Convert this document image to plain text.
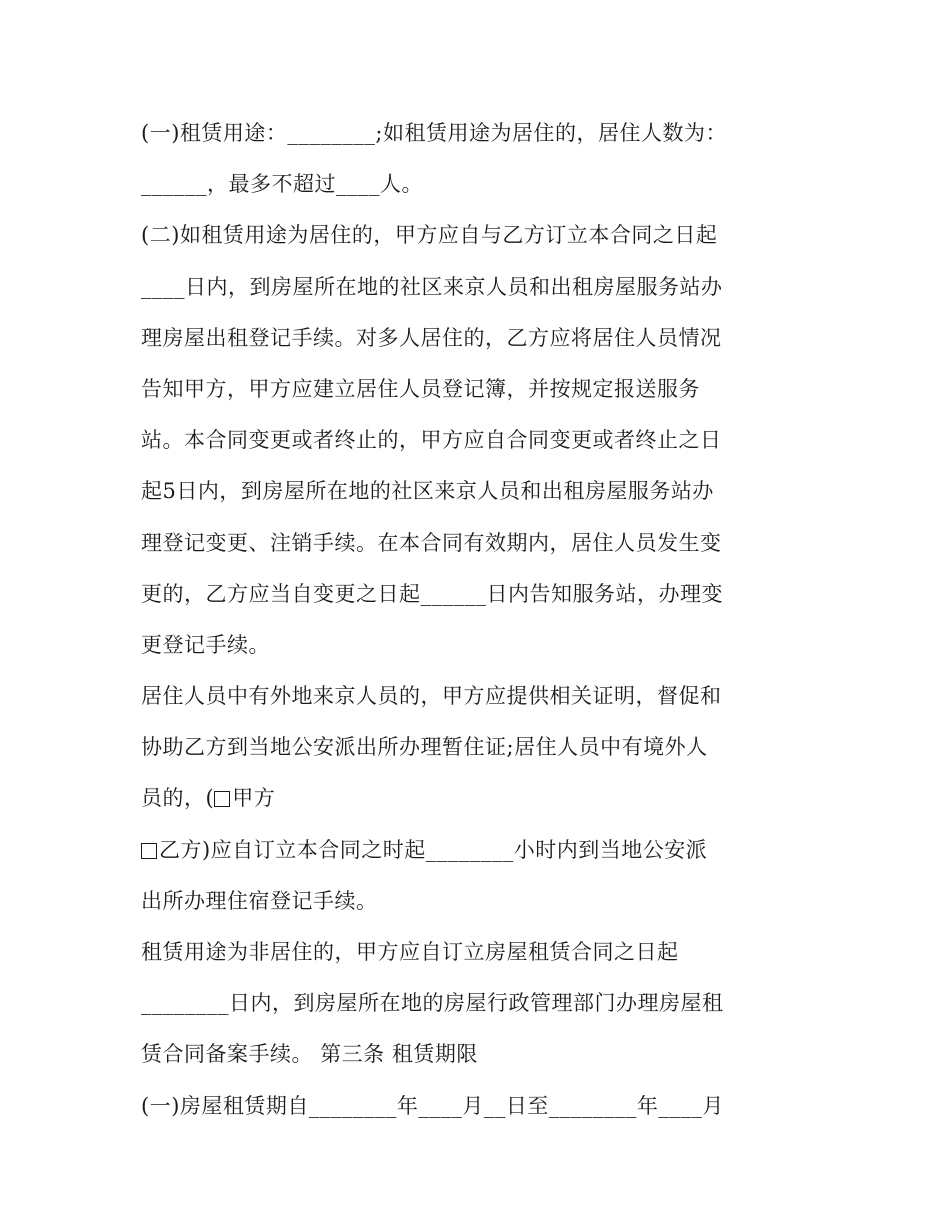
(一)租赁用途：________;如租赁用途为居住的，居住人数为：
______，最多不超过____人。
(二)如租赁用途为居住的，甲方应自与乙方订立本合同之日起
____日内，到房屋所在地的社区来京人员和出租房屋服务站办
理房屋出租登记手续。对多人居住的，乙方应将居住人员情况
告知甲方，甲方应建立居住人员登记簿，并按规定报送服务
站。本合同变更或者终止的，甲方应自合同变更或者终止之日
起5日内，到房屋所在地的社区来京人员和出租房屋服务站办
理登记变更、注销手续。在本合同有效期内，居住人员发生变
更的，乙方应当自变更之日起______日内告知服务站，办理变
更登记手续。
居住人员中有外地来京人员的，甲方应提供相关证明，督促和
协助乙方到当地公安派出所办理暂住证;居住人员中有境外人
员的，( 甲方
乙方)应自订立本合同之时起________小时内到当地公安派
出所办理住宿登记手续。
租赁用途为非居住的，甲方应自订立房屋租赁合同之日起
________日内，到房屋所在地的房屋行政管理部门办理房屋租
赁合同备案手续。 第三条 租赁期限
(一)房屋租赁期自________年____月__日至________年____月
